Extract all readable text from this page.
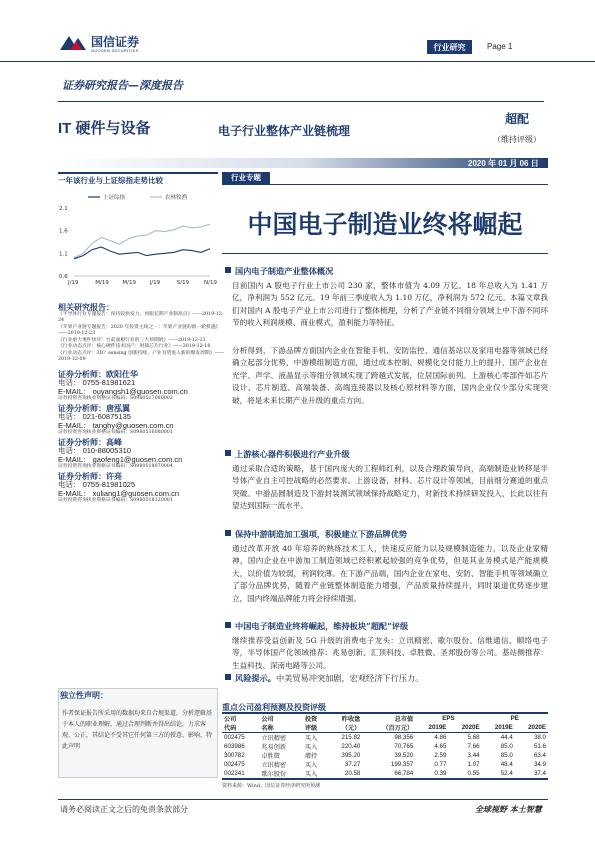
国信证券
GUOSEN SECURITIES	行业研究	Page 1
证券研究报告—深度报告
IT 硬件与设备	电子行业整体产业链梳理
超配
（维持评级）
2020 年 01 月 06 日
一年该行业与上证综指走势比较
上证综指	农林牧渔
0.6
1.1
1.6
2.1
J/19	M/19 M/19 J/19	S/19	N/19
相关研究报告：
《半导体行业专题报告：保持较快发力，看眼长期产业制高点》——2019-12-24
《苹果产业链专题报告：2020 年投资主线之一：苹果产业链的新一轮机遇》——2019-12-23
《行业重大事件快评：台前面板行业的三大预期展》——2019-12-23
《行业动态点评：核心硬件技术国产：射频芯片行业》——2019-12-18
《行业动态点评：3D？sensing 创新持续，产业有望进入新的爆发周期》——2019-12-09
证券分析师：欧阳仕华
电话： 0755-81981621
E-MAIL： ouyangsh1@guosen.com.cn
证券投资咨询执业资格证书编码：S0980517080002
证券分析师：唐泓翼
电话： 021-60875135
E-MAIL： tanghy@guosen.com.cn
证券投资咨询执业资格证书编码：S0980516080001
证券分析师：高峰
电话： 010-88005310
E-MAIL： gaofeng1@guosen.com.cn
证券投资咨询执业资格证书编码：S0980518070004
证券分析师：许亮
电话： 0755-81981025
E-MAIL： xuliang1@guosen.com.cn
证券投资咨询执业资格证书编码：S0980518120001
独立性声明：
作者保证报告所采用的数据均来自合规渠道，分析逻辑基于本人的职业理解，通过合理判断并得出结论，力求客观、公正，其结论不受其它任何第三方的授意、影响，特此声明
行业专题
中国电子制造业终将崛起
国内电子制造产业整体概况
目前国内 A 股电子行业上市公司 230 家，整体市值为 4.09 万亿。18 年总收入为 1.41 万亿，净利润为 552 亿元。19 年前三季度收入为 1.10 万亿，净利润为 572 亿元。本篇文章我们对国内 A 股电子产业上市公司进行了整体梳理，分析了产业链不同细分领域上中下游不同环节的收入利润规模、商业模式，盈利能力等特征。
分析得到，下游品牌方面国内企业在智能手机、安防监控、通信基站以及家用电器等领域已经确立起部分优势，中游模组制造方面，通过成本控制、规模化交付能力上的提升，国产企业在光学、声学、液晶显示等细分领域实现了跨越式发展，位居国际前列。上游核心零部件如芯片设计、芯片制造、高端装备、高端连接器以及核心原材料等方面，国内企业仅少部分实现突破，将是未来长期产业升级的重点方向。
上游核心器件积极进行产业升级
通过采取合适的策略，基于国内庞大的工程师红利，以及合理政策导向，高端制造业转移是半导体产业自主可控战略的必然要求。上游设备，材料、芯片设计等领域，目前细分赛道的重点突破。中游品圆制造及下游封装测试领域保持战略定力，对新技术持续研发投入，长此以往有望达到国际一流水平。
保持中游制造加工强项，积极建立下游品牌优势
通过改革开放 40 年培养的熟练技术工人，快速反应能力以及规模制造能力，以及企业家精神，国内企业在中游加工制造领域已经积累起较强的竞争优势，但是其业务模式是产能规模大，以价值为较弱，利润较薄。在下游产品端，国内企业在家电、安防、智能手机等领域确立了部分品牌优势，随着产业链整体制造能力增强，产品质量持续提升，同时渠道优势逐步建立，国内终端品牌能力将会持续增强。
中国电子制造业终将崛起，维持板块“超配”评级
继续推荐受益创新及 5G 升级的消费电子龙头：立讯精密、歌尔股份、信维通信、顺络电子等，半导体国产化领域推荐：兆易创新、汇顶科技、卓胜微、圣邦股份等公司。基站侧推荐：生益科技、深南电路等公司。
风险提示。中美贸易冲突加剧，宏观经济下行压力。
重点公司盈利预测及投资评级
公司	公司	投资	昨收盘	总市值	EPS		PE	
代码	名称	评级	（元）	（百万元）	2019E	2020E	2019E	2020E
002475	立讯精密	买入	215.82	98,356	4.86	5.68	44.4	38.0
603986	兆易创新	买入	220.40	70,765	4.65	7.66	85.0	51.6
300782	卓胜微	增持	395.20	39,520	2.59	3.44	85.0	63.4
002475	立讯精密	买入	37.27	199,357	0.77	1.07	48.4	34.9
002241	歌尔股份	买入	20.58	66,784	0.39	0.55	52.4	37.4
资料来源：Wind、国信证券经济研究所预测
请务必阅读正文之后的免责条款部分	全球视野 本土智慧
